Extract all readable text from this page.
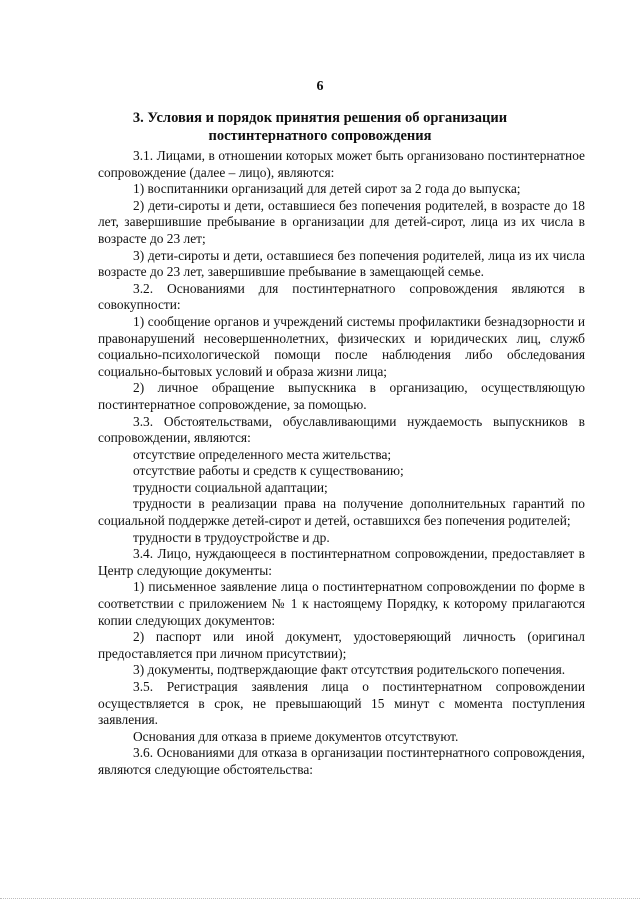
6
3. Условия и порядок принятия решения об организации
постинтернатного сопровождения

3.1. Лицами, в отношении которых может быть организовано постинтернатное сопровождение (далее – лицо), являются:

1) воспитанники организаций для детей сирот за 2 года до выпуска;

2) дети-сироты и дети, оставшиеся без попечения родителей, в возрасте до 18 лет, завершившие пребывание в организации для детей-сирот, лица из их числа в возрасте до 23 лет;

3) дети-сироты и дети, оставшиеся без попечения родителей, лица из их числа возрасте до 23 лет, завершившие пребывание в замещающей семье.

3.2. Основаниями для постинтернатного сопровождения являются в совокупности:

1) сообщение органов и учреждений системы профилактики безнадзорности и правонарушений несовершеннолетних, физических и юридических лиц, служб социально-психологической помощи после наблюдения либо обследования социально-бытовых условий и образа жизни лица;

2) личное обращение выпускника в организацию, осуществляющую постинтернатное сопровождение, за помощью.

3.3. Обстоятельствами, обуславливающими нуждаемость выпускников в сопровождении, являются:

отсутствие определенного места жительства;

отсутствие работы и средств к существованию;

трудности социальной адаптации;

трудности в реализации права на получение дополнительных гарантий по социальной поддержке детей-сирот и детей, оставшихся без попечения родителей;

трудности в трудоустройстве и др.

3.4. Лицо, нуждающееся в постинтернатном сопровождении, предоставляет в Центр следующие документы:

1) письменное заявление лица о постинтернатном сопровождении по форме в соответствии с приложением № 1 к настоящему Порядку, к которому прилагаются копии следующих документов:

2) паспорт или иной документ, удостоверяющий личность (оригинал предоставляется при личном присутствии);

3) документы, подтверждающие факт отсутствия родительского попечения.

3.5. Регистрация заявления лица о постинтернатном сопровождении осуществляется в срок, не превышающий 15 минут с момента поступления заявления.

Основания для отказа в приеме документов отсутствуют.

3.6. Основаниями для отказа в организации постинтернатного сопровождения, являются следующие обстоятельства:
